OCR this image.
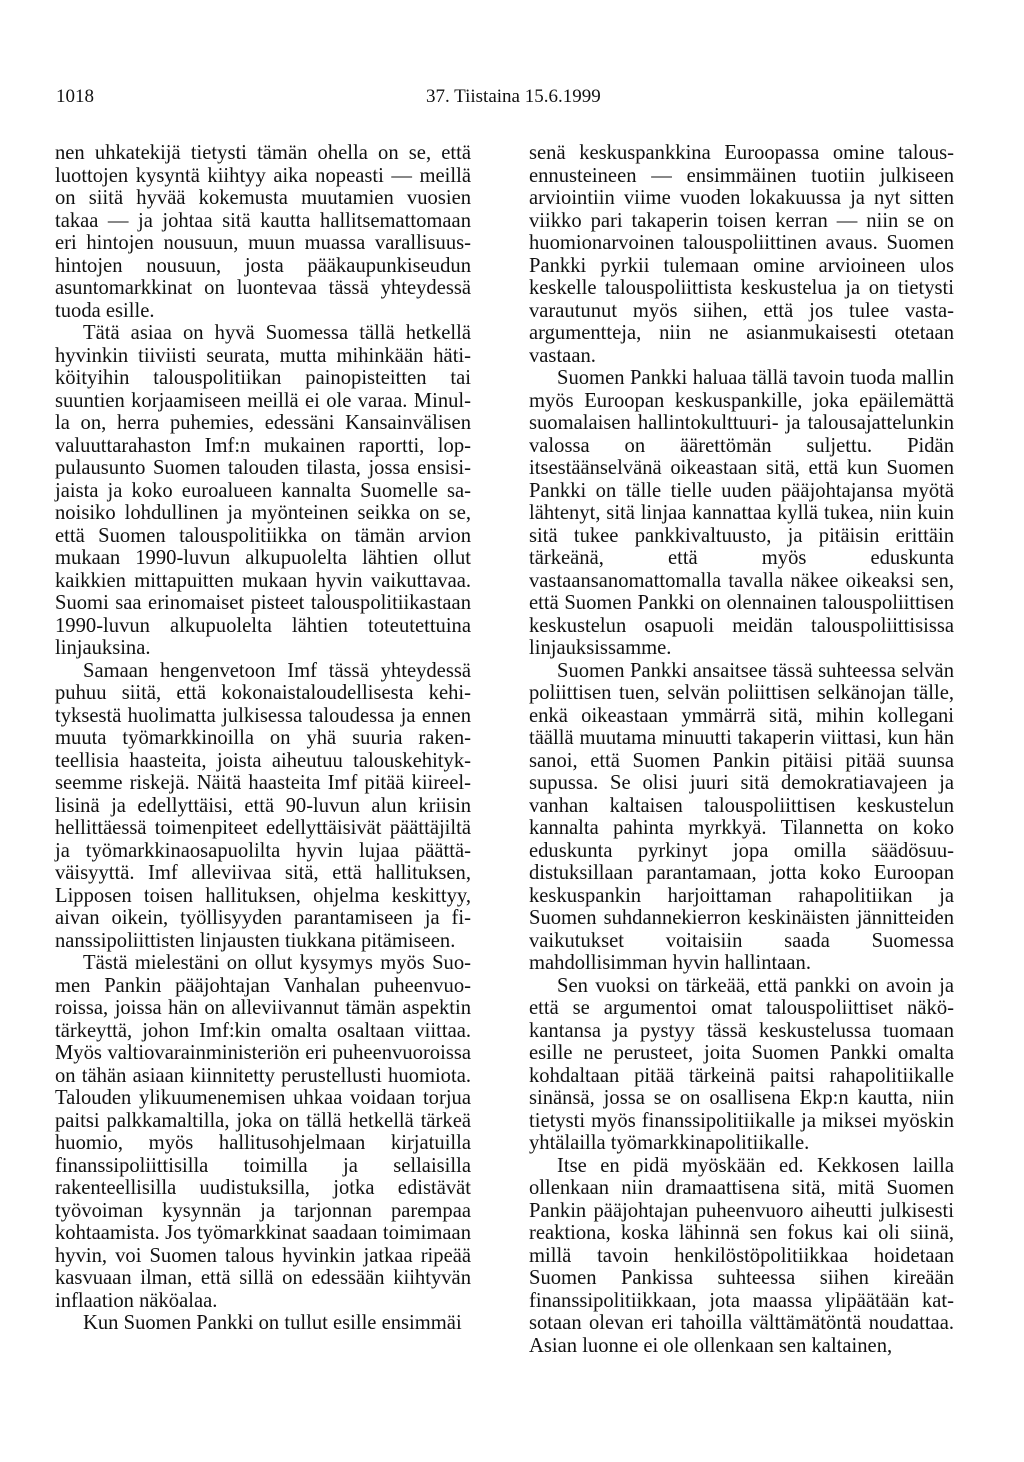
1018	37. Tiistaina 15.6.1999

nen uhkatekijä tietysti tämän ohella on se, että luottojen kysyntä kiihtyy aika nopeasti — meillä on siitä hyvää kokemusta muutamien vuosien takaa — ja johtaa sitä kautta hallitsemattomaan eri hintojen nousuun, muun muassa varallisuushintojen nousuun, josta pääkaupunkiseudun asuntomarkkinat on luontevaa tässä yhteydessä tuoda esille.

Tätä asiaa on hyvä Suomessa tällä hetkellä hyvinkin tiiviisti seurata, mutta mihinkään hätiköityihin talouspolitiikan painopisteitten tai suuntien korjaamiseen meillä ei ole varaa. Minulla on, herra puhemies, edessäni Kansainvälisen valuuttarahaston Imf:n mukainen raportti, loppulausunto Suomen talouden tilasta, jossa ensisijaista ja koko euroalueen kannalta Suomelle sanoisiko lohdullinen ja myönteinen seikka on se, että Suomen talouspolitiikka on tämän arvion mukaan 1990-luvun alkupuolelta lähtien ollut kaikkien mittapuitten mukaan hyvin vaikuttavaa. Suomi saa erinomaiset pisteet talouspolitiikastaan 1990-luvun alkupuolelta lähtien toteutettuina linjauksina.

Samaan hengenvetoon Imf tässä yhteydessä puhuu siitä, että kokonaistaloudellisesta kehityksestä huolimatta julkisessa taloudessa ja ennen muuta työmarkkinoilla on yhä suuria rakenteellisia haasteita, joista aiheutuu talouskehitykseemme riskejä. Näitä haasteita Imf pitää kiireellisinä ja edellyttäisi, että 90-luvun alun kriisin hellittäessä toimenpiteet edellyttäisivät päättäjiltä ja työmarkkinaosapuolilta hyvin lujaa päättäväisyyttä. Imf alleviivaa sitä, että hallituksen, Lipposen toisen hallituksen, ohjelma keskittyy, aivan oikein, työllisyyden parantamiseen ja finanssipoliittisten linjausten tiukkana pitämiseen.

Tästä mielestäni on ollut kysymys myös Suomen Pankin pääjohtajan Vanhalan puheenvuoroissa, joissa hän on alleviivannut tämän aspektin tärkeyttä, johon Imf:kin omalta osaltaan viittaa. Myös valtiovarainministeriön eri puheenvuoroissa on tähän asiaan kiinnitetty perustellusti huomiota. Talouden ylikuumenemisen uhkaa voidaan torjua paitsi palkkamaltilla, joka on tällä hetkellä tärkeä huomio, myös hallitusohjelmaan kirjatuilla finanssipoliittisilla toimilla ja sellaisilla rakenteellisilla uudistuksilla, jotka edistävät työvoiman kysynnän ja tarjonnan parempaa kohtaamista. Jos työmarkkinat saadaan toimimaan hyvin, voi Suomen talous hyvinkin jatkaa ripeää kasvuaan ilman, että sillä on edessään kiihtyvän inflaation näköalaa.

Kun Suomen Pankki on tullut esille ensimmäi

senä keskuspankkina Euroopassa omine talousennusteineen — ensimmäinen tuotiin julkiseen arviointiin viime vuoden lokakuussa ja nyt sitten viikko pari takaperin toisen kerran — niin se on huomionarvoinen talouspoliittinen avaus. Suomen Pankki pyrkii tulemaan omine arvioineen ulos keskelle talouspoliittista keskustelua ja on tietysti varautunut myös siihen, että jos tulee vasta-argumentteja, niin ne asianmukaisesti otetaan vastaan.

Suomen Pankki haluaa tällä tavoin tuoda mallin myös Euroopan keskuspankille, joka epäilemättä suomalaisen hallintokulttuuri- ja talousajattelunkin valossa on äärettömän suljettu. Pidän itsestäänselvänä oikeastaan sitä, että kun Suomen Pankki on tälle tielle uuden pääjohtajansa myötä lähtenyt, sitä linjaa kannattaa kyllä tukea, niin kuin sitä tukee pankkivaltuusto, ja pitäisin erittäin tärkeänä, että myös eduskunta vastaansanomattomalla tavalla näkee oikeaksi sen, että Suomen Pankki on olennainen talouspoliittisen keskustelun osapuoli meidän talouspoliittisissa linjauksissamme.

Suomen Pankki ansaitsee tässä suhteessa selvän poliittisen tuen, selvän poliittisen selkänojan tälle, enkä oikeastaan ymmärrä sitä, mihin kollegani täällä muutama minuutti takaperin viittasi, kun hän sanoi, että Suomen Pankin pitäisi pitää suunsa supussa. Se olisi juuri sitä demokratiavajeen ja vanhan kaltaisen talouspoliittisen keskustelun kannalta pahinta myrkkyä. Tilannetta on koko eduskunta pyrkinyt jopa omilla säädösuudistuksillaan parantamaan, jotta koko Euroopan keskuspankin harjoittaman rahapolitiikan ja Suomen suhdannekierron keskinäisten jännitteiden vaikutukset voitaisiin saada Suomessa mahdollisimman hyvin hallintaan.

Sen vuoksi on tärkeää, että pankki on avoin ja että se argumentoi omat talouspoliittiset näkökantansa ja pystyy tässä keskustelussa tuomaan esille ne perusteet, joita Suomen Pankki omalta kohdaltaan pitää tärkeinä paitsi rahapolitiikalle sinänsä, jossa se on osallisena Ekp:n kautta, niin tietysti myös finanssipolitiikalle ja miksei myöskin yhtälailla työmarkkinapolitiikalle.

Itse en pidä myöskään ed. Kekkosen lailla ollenkaan niin dramaattisena sitä, mitä Suomen Pankin pääjohtajan puheenvuoro aiheutti julkisesti reaktiona, koska lähinnä sen fokus kai oli siinä, millä tavoin henkilöstöpolitiikkaa hoidetaan Suomen Pankissa suhteessa siihen kireään finanssipolitiikkaan, jota maassa ylipäätään katsotaan olevan eri tahoilla välttämätöntä noudattaa. Asian luonne ei ole ollenkaan sen kaltainen,
